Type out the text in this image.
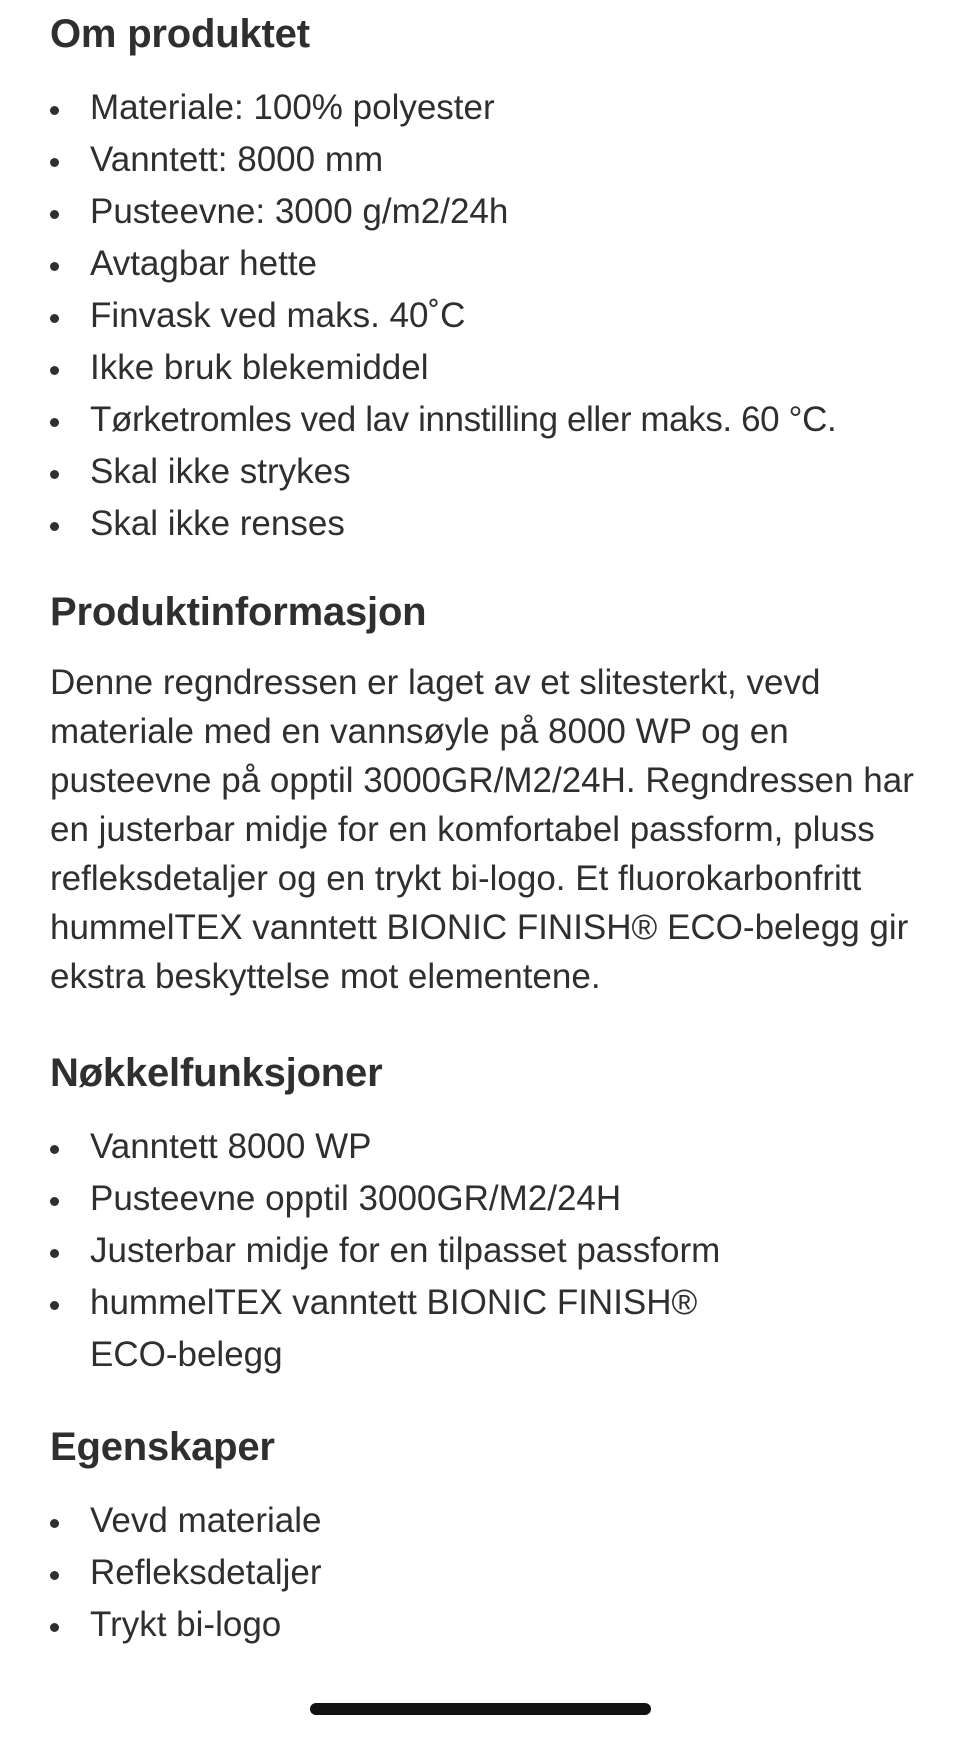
Om produktet
Materiale: 100% polyester
Vanntett: 8000 mm
Pusteevne: 3000 g/m2/24h
Avtagbar hette
Finvask ved maks. 40˚C
Ikke bruk blekemiddel
Tørketromles ved lav innstilling eller maks. 60 °C.
Skal ikke strykes
Skal ikke renses
Produktinformasjon

Denne regndressen er laget av et slitesterkt, vevd materiale med en vannsøyle på 8000 WP og en pusteevne på opptil 3000GR/M2/24H. Regndressen har en justerbar midje for en komfortabel passform, pluss refleksdetaljer og en trykt bi-logo. Et fluorokarbonfritt hummelTEX vanntett BIONIC FINISH® ECO-belegg gir ekstra beskyttelse mot elementene.

Nøkkelfunksjoner
Vanntett 8000 WP
Pusteevne opptil 3000GR/M2/24H
Justerbar midje for en tilpasset passform
hummelTEX vanntett BIONIC FINISH® ECO-belegg
Egenskaper
Vevd materiale
Refleksdetaljer
Trykt bi-logo
